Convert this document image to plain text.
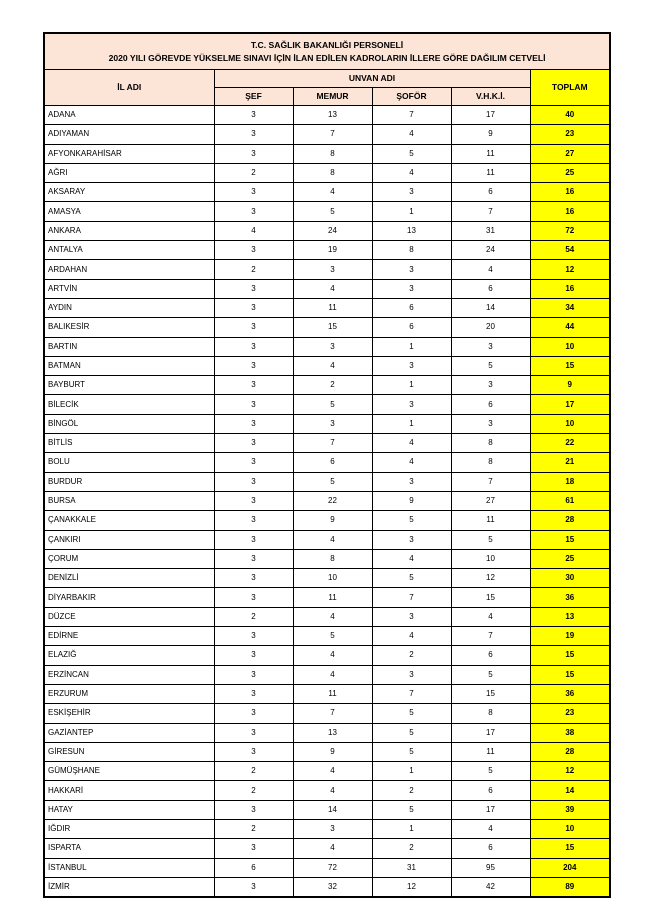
T.C. SAĞLIK BAKANLIĞI PERSONELİ
2020 YILI GÖREVDE YÜKSELME SINAVI İÇİN İLAN EDİLEN KADROLARIN İLLERE GÖRE DAĞILIM CETVELİ					

İL ADI	UNVAN ADI				TOPLAM
	ŞEF	MEMUR	ŞOFÖR	V.H.K.İ.	
ADANA	3	13	7	17	40
ADIYAMAN	3	7	4	9	23
AFYONKARAHİSAR	3	8	5	11	27
AĞRI	2	8	4	11	25
AKSARAY	3	4	3	6	16
AMASYA	3	5	1	7	16
ANKARA	4	24	13	31	72
ANTALYA	3	19	8	24	54
ARDAHAN	2	3	3	4	12
ARTVİN	3	4	3	6	16
AYDIN	3	11	6	14	34
BALIKESİR	3	15	6	20	44
BARTIN	3	3	1	3	10
BATMAN	3	4	3	5	15
BAYBURT	3	2	1	3	9
BİLECİK	3	5	3	6	17
BİNGÖL	3	3	1	3	10
BİTLİS	3	7	4	8	22
BOLU	3	6	4	8	21
BURDUR	3	5	3	7	18
BURSA	3	22	9	27	61
ÇANAKKALE	3	9	5	11	28
ÇANKIRI	3	4	3	5	15
ÇORUM	3	8	4	10	25
DENİZLİ	3	10	5	12	30
DİYARBAKIR	3	11	7	15	36
DÜZCE	2	4	3	4	13
EDİRNE	3	5	4	7	19
ELAZIĞ	3	4	2	6	15
ERZİNCAN	3	4	3	5	15
ERZURUM	3	11	7	15	36
ESKİŞEHİR	3	7	5	8	23
GAZİANTEP	3	13	5	17	38
GİRESUN	3	9	5	11	28
GÜMÜŞHANE	2	4	1	5	12
HAKKARİ	2	4	2	6	14
HATAY	3	14	5	17	39
IĞDIR	2	3	1	4	10
ISPARTA	3	4	2	6	15
İSTANBUL	6	72	31	95	204
İZMİR	3	32	12	42	89
